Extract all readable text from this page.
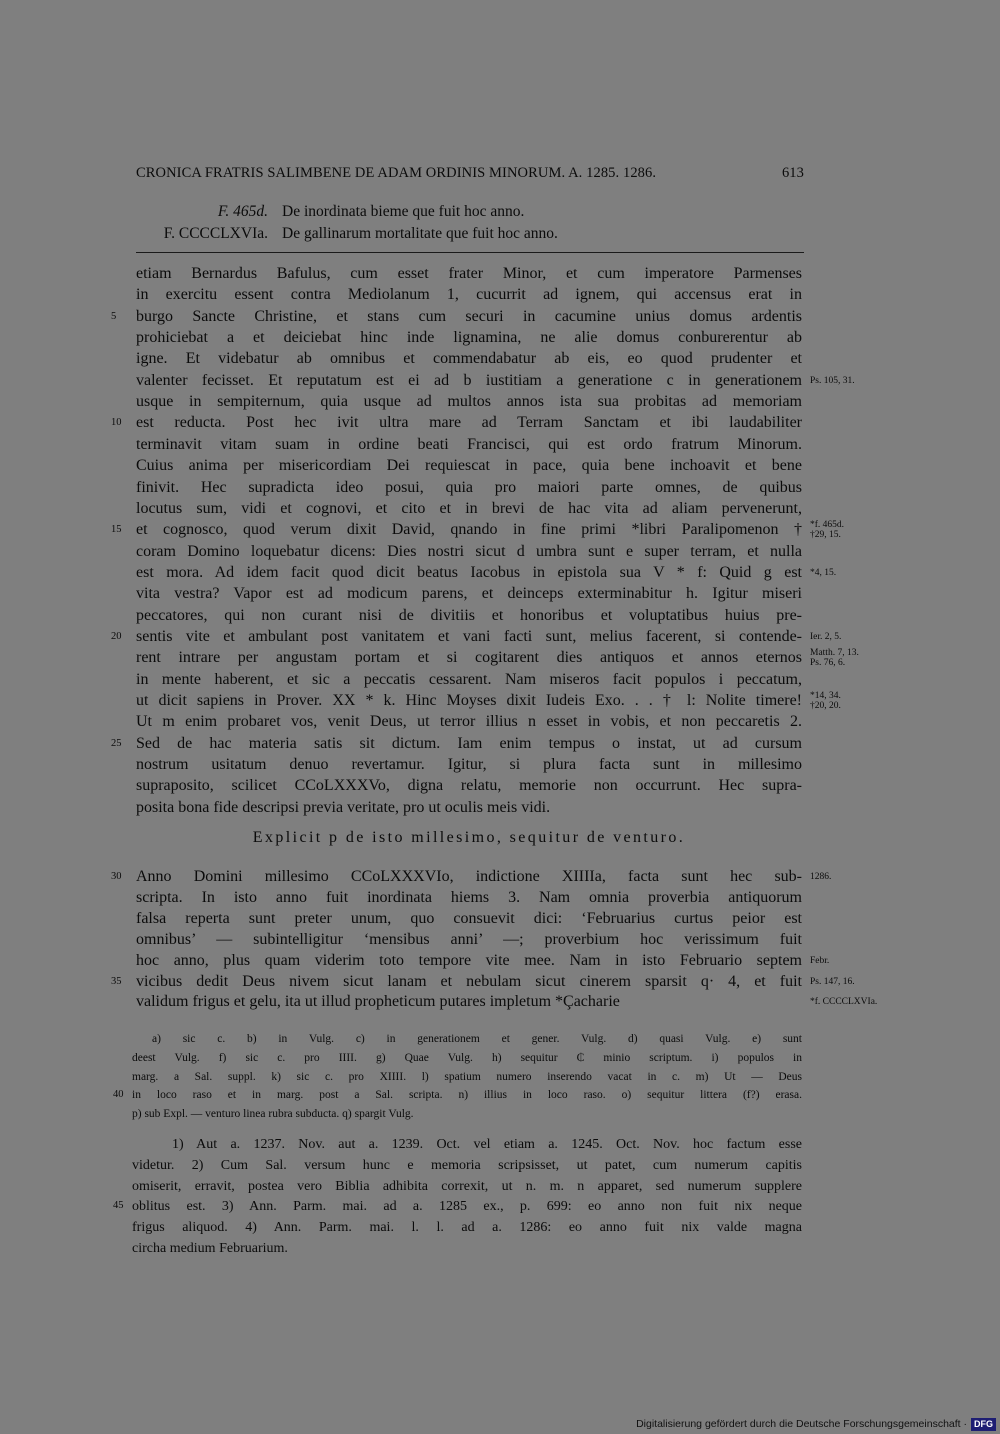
CRONICA FRATRIS SALIMBENE DE ADAM ORDINIS MINORUM. A. 1285. 1286.	613
F. 465d. De inordinata bieme que fuit hoc anno.
F. CCCCLXVIa. De gallinarum mortalitate que fuit hoc anno.
etiam Bernardus Bafulus, cum esset frater Minor, et cum imperatore Parmenses
in exercitu essent contra Mediolanum 1, cucurrit ad ignem, qui accensus erat in
burgo Sancte Christine, et stans cum securi in cacumine unius domus ardentis
5
prohiciebat a et deiciebat hinc inde lignamina, ne alie domus conburerentur ab
igne. Et videbatur ab omnibus et commendabatur ab eis, eo quod prudenter et
valenter fecisset. Et reputatum est ei ad b iustitiam a generatione c in generationem Ps. 105, 31.
usque in sempiternum, quia usque ad multos annos ista sua probitas ad memoriam
est reducta. Post hec ivit ultra mare ad Terram Sanctam et ibi laudabiliter
10
terminavit vitam suam in ordine beati Francisci, qui est ordo fratrum Minorum.
Cuius anima per misericordiam Dei requiescat in pace, quia bene inchoavit et bene
finivit. Hec supradicta ideo posui, quia pro maiori parte omnes, de quibus
locutus sum, vidi et cognovi, et cito et in brevi de hac vita ad aliam pervenerunt,
et cognosco, quod verum dixit David, qnando in fine primi *libri Paralipomenon †
15	*f. 465d.
†29, 15.
coram Domino loquebatur dicens: Dies nostri sicut d umbra sunt e super terram, et nulla
est mora. Ad idem facit quod dicit beatus Iacobus in epistola sua V * f: Quid g est *4, 15.
vita vestra? Vapor est ad modicum parens, et deinceps exterminabitur h. Igitur miseri
peccatores, qui non curant nisi de divitiis et honoribus et voluptatibus huius pre-
sentis vite et ambulant post vanitatem et vani facti sunt, melius facerent, si contende-
20	Ier. 2, 5.
rent intrare per angustam portam et si cogitarent dies antiquos et annos eternos Matth. 7, 13.
Ps. 76, 6.
in mente haberent, et sic a peccatis cessarent. Nam miseros facit populos i peccatum,
ut dicit sapiens in Prover. XX * k. Hinc Moyses dixit Iudeis Exo. . . † l: Nolite timere! *14, 34.
†20, 20.
Ut m enim probaret vos, venit Deus, ut terror illius n esset in vobis, et non peccaretis 2.
Sed de hac materia satis sit dictum. Iam enim tempus o instat, ut ad cursum
25
nostrum usitatum denuo revertamur. Igitur, si plura facta sunt in millesimo
supraposito, scilicet CCoLXXXVo, digna relatu, memorie non occurrunt. Hec supra-
posita bona fide descripsi previa veritate, pro ut oculis meis vidi.
Explicit p de isto millesimo, sequitur de venturo.
Anno Domini millesimo CCoLXXXVIo, indictione XIIIIa, facta sunt hec sub-
30	1286.
scripta. In isto anno fuit inordinata hiems 3. Nam omnia proverbia antiquorum
falsa reperta sunt preter unum, quo consuevit dici: ‘Februarius curtus peior est
omnibus’ — subintelligitur ‘mensibus anni’ —; proverbium hoc verissimum fuit
hoc anno, plus quam viderim toto tempore vite mee. Nam in isto Februario septem Febr.
vicibus dedit Deus nivem sicut lanam et nebulam sicut cinerem sparsit q· 4, et fuit
35	Ps. 147, 16.
validum frigus et gelu, ita ut illud propheticum putares impletum *Çacharie	*f. CCCCLXVIa.
a) sic c. b) in Vulg. c) in generationem et gener. Vulg. d) quasi Vulg. e) sunt
deest Vulg. f) sic c. pro IIII. g) Quae Vulg. h) sequitur ₵ minio scriptum. i) populos in
marg. a Sal. suppl. k) sic c. pro XIIII. l) spatium numero inserendo vacat in c. m) Ut — Deus
in loco raso et in marg. post a Sal. scripta. n) illius in loco raso. o) sequitur littera (f?) erasa.
40
p) sub Expl. — venturo linea rubra subducta. q) spargit Vulg.
1) Aut a. 1237. Nov. aut a. 1239. Oct. vel etiam a. 1245. Oct. Nov. hoc factum esse
videtur. 2) Cum Sal. versum hunc e memoria scripsisset, ut patet, cum numerum capitis
omiserit, erravit, postea vero Biblia adhibita correxit, ut n. m. n apparet, sed numerum supplere
oblitus est. 3) Ann. Parm. mai. ad a. 1285 ex., p. 699: eo anno non fuit nix neque
45
frigus aliquod. 4) Ann. Parm. mai. l. l. ad a. 1286: eo anno fuit nix valde magna
circha medium Februarium.
Digitalisierung gefördert durch die Deutsche Forschungsgemeinschaft · DFG
